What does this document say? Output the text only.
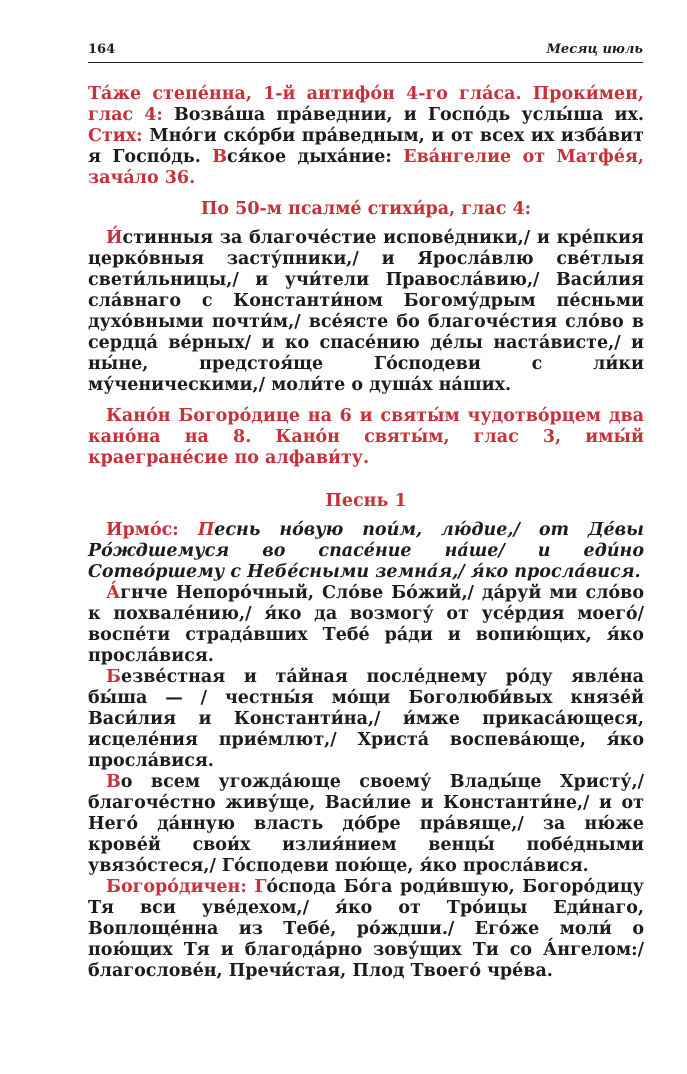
164	Месяц июль

Та́же степе́нна, 1-й антифо́н 4-го гла́са. Проки́мен, глас 4: Возва́ша пра́веднии, и Госпо́дь услы́ша их. Стих: Мно́ги ско́рби пра́ведным, и от всех их изба́вит я Госпо́дь. Вся́кое дыха́ние: Ева́нгелие от Матфе́я, зача́ло 36.

По 50-м псалме́ стихи́ра, глас 4:

И́стинныя за благоче́стие испове́дники,/ и кре́пкия церко́вныя засту́пники,/ и Яросла́влю све́тлыя свети́льницы,/ и учи́тели Правосла́вию,/ Васи́лия сла́внаго с Константи́ном Богому́дрым пе́сньми духо́вными почти́м,/ все́ясте бо благоче́стия сло́во в сердца́ ве́рных/ и ко спасе́нию де́лы наста́висте,/ и ны́не, предстоя́ще Го́сподеви с ли́ки му́ченическими,/ моли́те о душа́х на́ших.

Кано́н Богоро́дице на 6 и святы́м чудотво́рцем два кано́на на 8. Кано́н святы́м, глас 3, имы́й краегране́сие по алфави́ту.

Песнь 1

Ирмо́с: Песнь но́вую пои́м, лю́дие,/ от Де́вы Ро́ждшемуся во спасе́ние на́ше/ и еди́но Сотво́ршему с Небе́сными земна́я,/ я́ко просла́вися.

А́гнче Непоро́чный, Сло́ве Бо́жий,/ да́руй ми сло́во к похвале́нию,/ я́ко да возмогу́ от усе́рдия моего́/ воспе́ти страда́вших Тебе́ ра́ди и вопию́щих, я́ко просла́вися.

Безве́стная и та́йная после́днему ро́ду явле́на бы́ша — / честны́я мо́щи Боголюби́вых князе́й Васи́лия и Константи́на,/ и́мже прикаса́ющеся, исцеле́ния прие́млют,/ Христа́ воспева́юще, я́ко просла́вися.

Во всем угожда́юще своему́ Влады́це Христу́,/ благоче́стно живу́ще, Васи́лие и Константи́не,/ и от Него́ да́нную власть до́бре пра́вяще,/ за ню́же крове́й свои́х излия́нием венцы́ побе́дными увязо́стеся,/ Го́сподеви пою́ще, я́ко просла́вися.

Богоро́дичен: Го́спода Бо́га роди́вшую, Богоро́дицу Тя вси уве́дехом,/ я́ко от Тро́ицы Еди́наго, Воплоще́нна из Тебе́, ро́ждши./ Его́же моли́ о пою́щих Тя и благода́рно зову́щих Ти со А́нгелом:/ благослове́н, Пречи́стая, Плод Твоего́ чре́ва.
